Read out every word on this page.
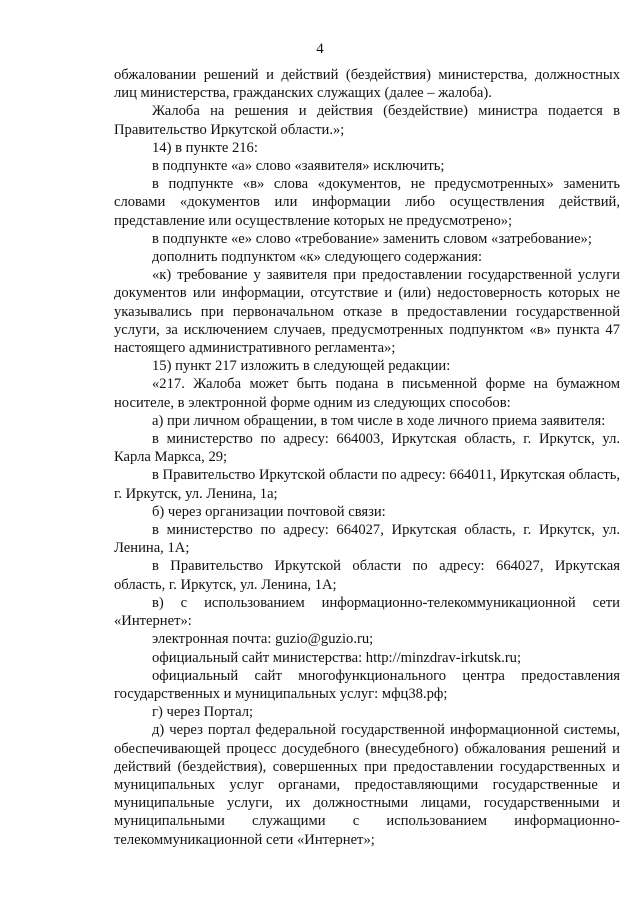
4

обжаловании решений и действий (бездействия) министерства, должностных лиц министерства, гражданских служащих (далее – жалоба).

Жалоба на решения и действия (бездействие) министра подается в Правительство Иркутской области.»;

14) в пункте 216:

в подпункте «а» слово «заявителя» исключить;

в подпункте «в» слова «документов, не предусмотренных» заменить словами «документов или информации либо осуществления действий, представление или осуществление которых не предусмотрено»;

в подпункте «е» слово «требование» заменить словом «затребование»;

дополнить подпунктом «к» следующего содержания:

«к) требование у заявителя при предоставлении государственной услуги документов или информации, отсутствие и (или) недостоверность которых не указывались при первоначальном отказе в предоставлении государственной услуги, за исключением случаев, предусмотренных подпунктом «в» пункта 47 настоящего административного регламента»;

15) пункт 217 изложить в следующей редакции:

«217. Жалоба может быть подана в письменной форме на бумажном носителе, в электронной форме одним из следующих способов:

а) при личном обращении, в том числе в ходе личного приема заявителя:

в министерство по адресу: 664003, Иркутская область, г. Иркутск, ул. Карла Маркса, 29;

в Правительство Иркутской области по адресу: 664011, Иркутская область, г. Иркутск, ул. Ленина, 1а;

б) через организации почтовой связи:

в министерство по адресу: 664027, Иркутская область, г. Иркутск, ул. Ленина, 1А;

в Правительство Иркутской области по адресу: 664027, Иркутская область, г. Иркутск, ул. Ленина, 1А;

в) с использованием информационно-телекоммуникационной сети «Интернет»:

электронная почта: guzio@guzio.ru;

официальный сайт министерства: http://minzdrav-irkutsk.ru;

официальный сайт многофункционального центра предоставления государственных и муниципальных услуг: мфц38.рф;

г) через Портал;

д) через портал федеральной государственной информационной системы, обеспечивающей процесс досудебного (внесудебного) обжалования решений и действий (бездействия), совершенных при предоставлении государственных и муниципальных услуг органами, предоставляющими государственные и муниципальные услуги, их должностными лицами, государственными и муниципальными служащими с использованием информационно-телекоммуникационной сети «Интернет»;
